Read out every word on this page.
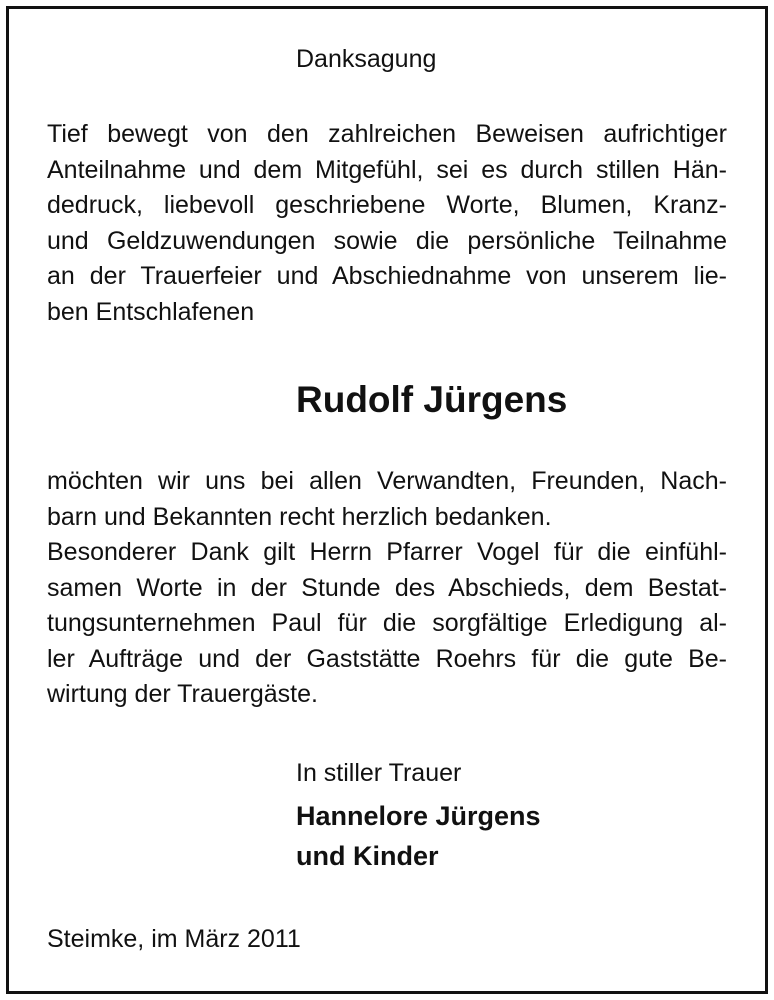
Danksagung

Tief bewegt von den zahlreichen Beweisen aufrichtiger
Anteilnahme und dem Mitgefühl, sei es durch stillen Hän-
dedruck, liebevoll geschriebene Worte, Blumen, Kranz-
und Geldzuwendungen sowie die persönliche Teilnahme
an der Trauerfeier und Abschiednahme von unserem lie-
ben Entschlafenen

Rudolf Jürgens

möchten wir uns bei allen Verwandten, Freunden, Nach-
barn und Bekannten recht herzlich bedanken.
Besonderer Dank gilt Herrn Pfarrer Vogel für die einfühl-
samen Worte in der Stunde des Abschieds, dem Bestat-
tungsunternehmen Paul für die sorgfältige Erledigung al-
ler Aufträge und der Gaststätte Roehrs für die gute Be-
wirtung der Trauergäste.

In stiller Trauer

Hannelore Jürgens
und Kinder

Steimke, im März 2011
